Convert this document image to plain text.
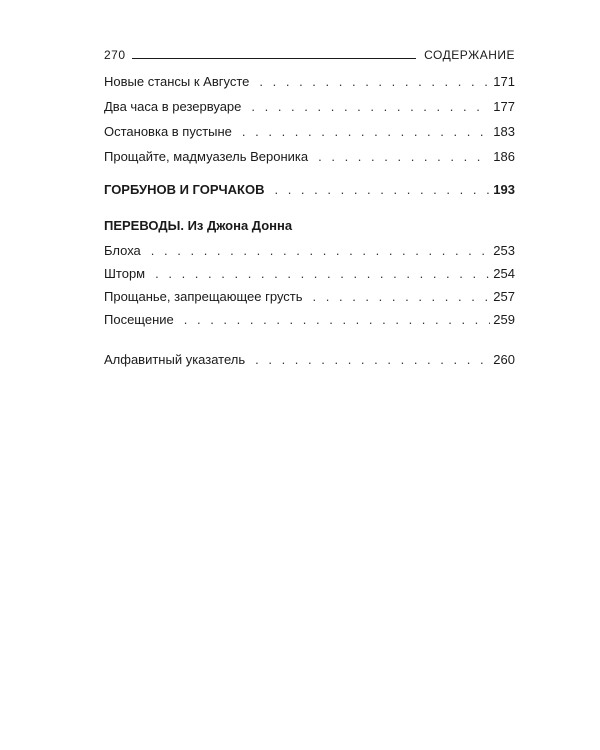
270	СОДЕРЖАНИЕ
Новые стансы к Августе . . .	171
Два часа в резервуаре . . .	177
Остановка в пустыне . . .	183
Прощайте, мадмуазель Вероника . . .	186
ГОРБУНОВ И ГОРЧАКОВ . . .	193
ПЕРЕВОДЫ. Из Джона Донна
Блоха . . .	253
Шторм . . .	254
Прощанье, запрещающее грусть . . .	257
Посещение . . .	259
Алфавитный указатель . . .	260
